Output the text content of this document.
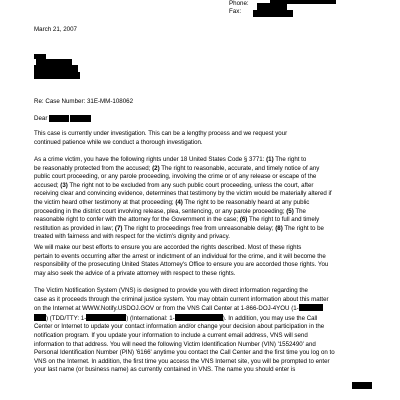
Phone:
Fax:
March 21, 2007
Re: Case Number: 31E-MM-108062
Dear
This case is currently under investigation. This can be a lengthy process and we request your
continued patience while we conduct a thorough investigation.
As a crime victim, you have the following rights under 18 United States Code § 3771: (1) The right to
be reasonably protected from the accused; (2) The right to reasonable, accurate, and timely notice of any
public court proceeding, or any parole proceeding, involving the crime or of any release or escape of the
accused; (3) The right not to be excluded from any such public court proceeding, unless the court, after
receiving clear and convincing evidence, determines that testimony by the victim would be materially altered if
the victim heard other testimony at that proceeding; (4) The right to be reasonably heard at any public
proceeding in the district court involving release, plea, sentencing, or any parole proceeding; (5) The
reasonable right to confer with the attorney for the Government in the case; (6) The right to full and timely
restitution as provided in law; (7) The right to proceedings free from unreasonable delay; (8) The right to be
treated with fairness and with respect for the victim's dignity and privacy.
We will make our best efforts to ensure you are accorded the rights described. Most of these rights
pertain to events occurring after the arrest or indictment of an individual for the crime, and it will become the
responsibility of the prosecuting United States Attorney's Office to ensure you are accorded those rights. You
may also seek the advice of a private attorney with respect to these rights.
The Victim Notification System (VNS) is designed to provide you with direct information regarding the
case as it proceeds through the criminal justice system. You may obtain current information about this matter
on the Internet at WWW.Notify.USDOJ.GOV or from the VNS Call Center at 1-866-DOJ-4YOU (1-
) (TDD/TTY: 1-	) (International: 1-	). In addition, you may use the Call
Center or Internet to update your contact information and/or change your decision about participation in the
notification program. If you update your information to include a current email address, VNS will send
information to that address. You will need the following Victim Identification Number (VIN) '1552490' and
Personal Identification Number (PIN) '6166' anytime you contact the Call Center and the first time you log on to
VNS on the Internet. In addition, the first time you access the VNS Internet site, you will be prompted to enter
your last name (or business name) as currently contained in VNS. The name you should enter is
